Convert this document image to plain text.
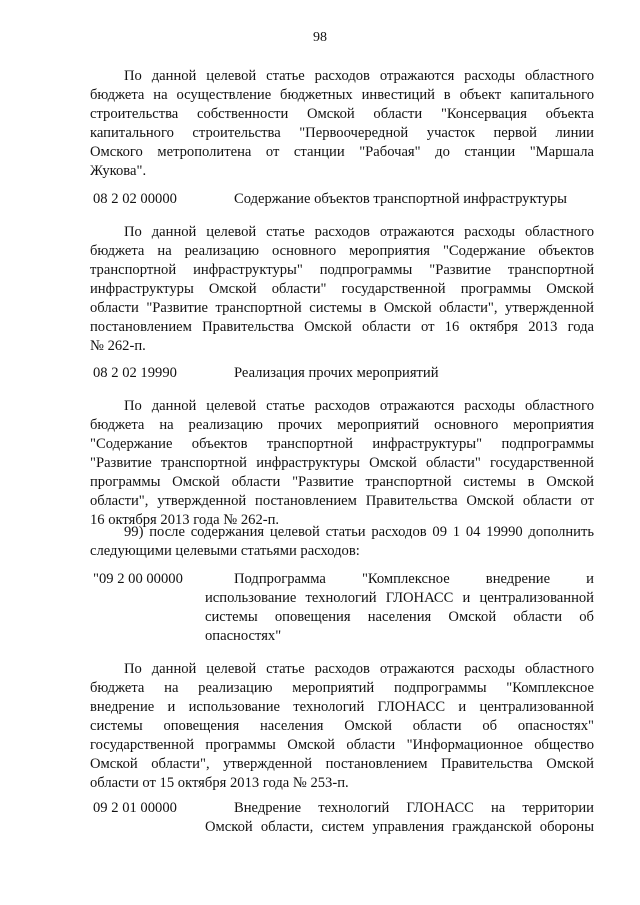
98
По данной целевой статье расходов отражаются расходы областного
бюджета на осуществление бюджетных инвестиций в объект капитального
строительства собственности Омской области "Консервация объекта
капитального строительства "Первоочередной участок первой линии
Омского метрополитена от станции "Рабочая" до станции "Маршала
Жукова".
08 2 02 00000	Содержание объектов транспортной инфраструктуры
По данной целевой статье расходов отражаются расходы областного
бюджета на реализацию основного мероприятия "Содержание объектов
транспортной инфраструктуры" подпрограммы "Развитие транспортной
инфраструктуры Омской области" государственной программы Омской
области "Развитие транспортной системы в Омской области", утвержденной
постановлением Правительства Омской области от 16 октября 2013 года
№ 262-п.
08 2 02 19990	Реализация прочих мероприятий
По данной целевой статье расходов отражаются расходы областного
бюджета на реализацию прочих мероприятий основного мероприятия
"Содержание объектов транспортной инфраструктуры" подпрограммы
"Развитие транспортной инфраструктуры Омской области" государственной
программы Омской области "Развитие транспортной системы в Омской
области", утвержденной постановлением Правительства Омской области от
16 октября 2013 года № 262-п.
99) после содержания целевой статьи расходов 09 1 04 19990 дополнить
следующими целевыми статьями расходов:
"09 2 00 00000	Подпрограмма "Комплексное внедрение и
использование технологий ГЛОНАСС и централизованной
системы оповещения населения Омской области об
опасностях"
По данной целевой статье расходов отражаются расходы областного
бюджета на реализацию мероприятий подпрограммы "Комплексное
внедрение и использование технологий ГЛОНАСС и централизованной
системы оповещения населения Омской области об опасностях"
государственной программы Омской области "Информационное общество
Омской области", утвержденной постановлением Правительства Омской
области от 15 октября 2013 года № 253-п.
09 2 01 00000	Внедрение технологий ГЛОНАСС на территории
Омской области, систем управления гражданской обороны
